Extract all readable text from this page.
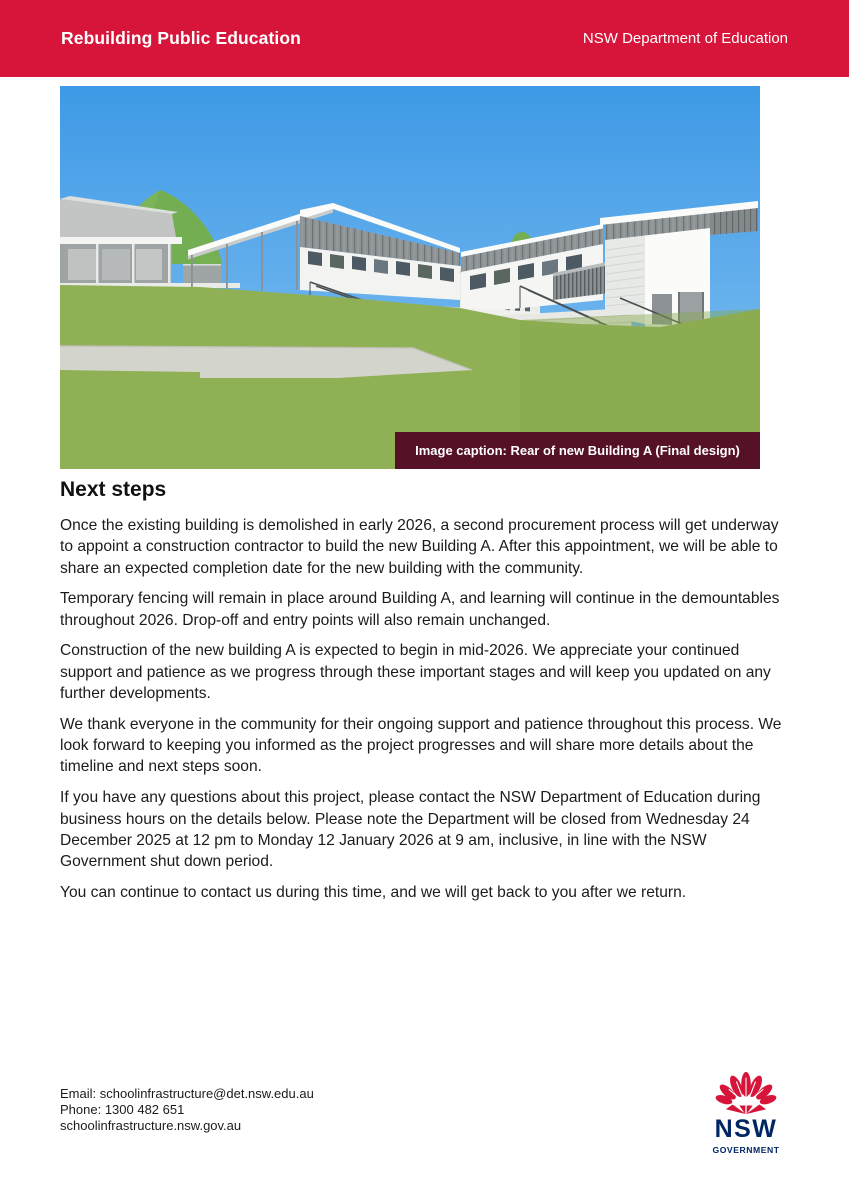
Rebuilding Public Education	NSW Department of Education
Image caption: Rear of new Building A (Final design)
Next steps

Once the existing building is demolished in early 2026, a second procurement process will get underway to appoint a construction contractor to build the new Building A. After this appointment, we will be able to share an expected completion date for the new building with the community.

Temporary fencing will remain in place around Building A, and learning will continue in the demountables throughout 2026. Drop-off and entry points will also remain unchanged.

Construction of the new building A is expected to begin in mid-2026. We appreciate your continued support and patience as we progress through these important stages and will keep you updated on any further developments.

We thank everyone in the community for their ongoing support and patience throughout this process. We look forward to keeping you informed as the project progresses and will share more details about the timeline and next steps soon.

If you have any questions about this project, please contact the NSW Department of Education during business hours on the details below. Please note the Department will be closed from Wednesday 24 December 2025 at 12 pm to Monday 12 January 2026 at 9 am, inclusive, in line with the NSW Government shut down period.

You can continue to contact us during this time, and we will get back to you after we return.

Email: schoolinfrastructure@det.nsw.edu.au
Phone: 1300 482 651
schoolinfrastructure.nsw.gov.au	NSW
GOVERNMENT
